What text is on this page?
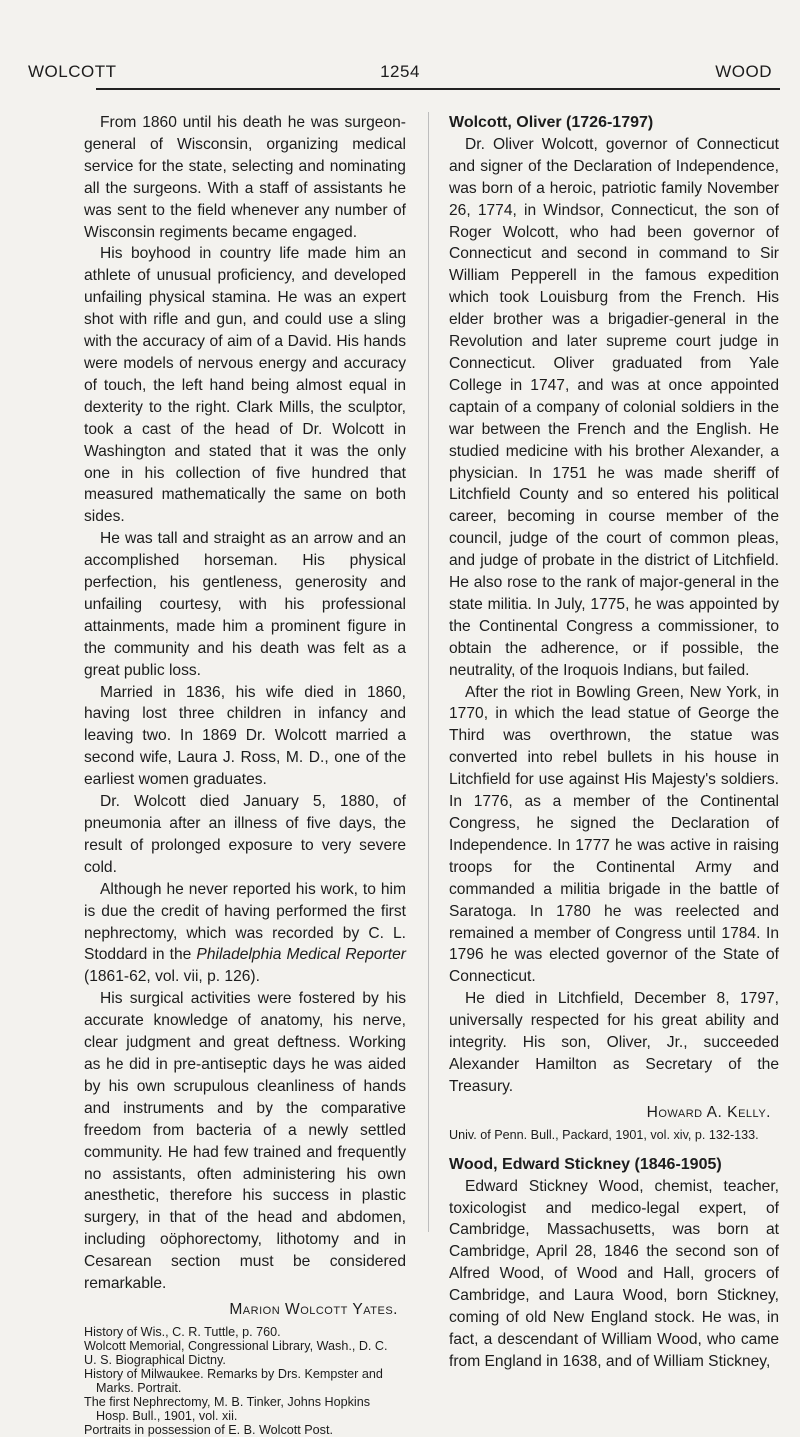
WOLCOTT	1254	WOOD

From 1860 until his death he was surgeon-general of Wisconsin, organizing medical service for the state, selecting and nominating all the surgeons. With a staff of assistants he was sent to the field whenever any number of Wisconsin regiments became engaged.

His boyhood in country life made him an athlete of unusual proficiency, and developed unfailing physical stamina. He was an expert shot with rifle and gun, and could use a sling with the accuracy of aim of a David. His hands were models of nervous energy and accuracy of touch, the left hand being almost equal in dexterity to the right. Clark Mills, the sculptor, took a cast of the head of Dr. Wolcott in Washington and stated that it was the only one in his collection of five hundred that measured mathematically the same on both sides.

He was tall and straight as an arrow and an accomplished horseman. His physical perfection, his gentleness, generosity and unfailing courtesy, with his professional attainments, made him a prominent figure in the community and his death was felt as a great public loss.

Married in 1836, his wife died in 1860, having lost three children in infancy and leaving two. In 1869 Dr. Wolcott married a second wife, Laura J. Ross, M. D., one of the earliest women graduates.

Dr. Wolcott died January 5, 1880, of pneumonia after an illness of five days, the result of prolonged exposure to very severe cold.

Although he never reported his work, to him is due the credit of having performed the first nephrectomy, which was recorded by C. L. Stoddard in the Philadelphia Medical Reporter (1861-62, vol. vii, p. 126).

His surgical activities were fostered by his accurate knowledge of anatomy, his nerve, clear judgment and great deftness. Working as he did in pre-antiseptic days he was aided by his own scrupulous cleanliness of hands and instruments and by the comparative freedom from bacteria of a newly settled community. He had few trained and frequently no assistants, often administering his own anesthetic, therefore his success in plastic surgery, in that of the head and abdomen, including oöphorectomy, lithotomy and in Cesarean section must be considered remarkable.

Marion Wolcott Yates.
History of Wis., C. R. Tuttle, p. 760.
Wolcott Memorial, Congressional Library, Wash., D. C.
U. S. Biographical Dictny.
History of Milwaukee. Remarks by Drs. Kempster and Marks. Portrait.
The first Nephrectomy, M. B. Tinker, Johns Hopkins Hosp. Bull., 1901, vol. xii.
Portraits in possession of E. B. Wolcott Post.
Wolcott, Oliver (1726-1797)

Dr. Oliver Wolcott, governor of Connecticut and signer of the Declaration of Independence, was born of a heroic, patriotic family November 26, 1774, in Windsor, Connecticut, the son of Roger Wolcott, who had been governor of Connecticut and second in command to Sir William Pepperell in the famous expedition which took Louisburg from the French. His elder brother was a brigadier-general in the Revolution and later supreme court judge in Connecticut. Oliver graduated from Yale College in 1747, and was at once appointed captain of a company of colonial soldiers in the war between the French and the English. He studied medicine with his brother Alexander, a physician. In 1751 he was made sheriff of Litchfield County and so entered his political career, becoming in course member of the council, judge of the court of common pleas, and judge of probate in the district of Litchfield. He also rose to the rank of major-general in the state militia. In July, 1775, he was appointed by the Continental Congress a commissioner, to obtain the adherence, or if possible, the neutrality, of the Iroquois Indians, but failed.

After the riot in Bowling Green, New York, in 1770, in which the lead statue of George the Third was overthrown, the statue was converted into rebel bullets in his house in Litchfield for use against His Majesty's soldiers. In 1776, as a member of the Continental Congress, he signed the Declaration of Independence. In 1777 he was active in raising troops for the Continental Army and commanded a militia brigade in the battle of Saratoga. In 1780 he was reelected and remained a member of Congress until 1784. In 1796 he was elected governor of the State of Connecticut.

He died in Litchfield, December 8, 1797, universally respected for his great ability and integrity. His son, Oliver, Jr., succeeded Alexander Hamilton as Secretary of the Treasury.

Howard A. Kelly.
Univ. of Penn. Bull., Packard, 1901, vol. xiv, p. 132-133.
Wood, Edward Stickney (1846-1905)

Edward Stickney Wood, chemist, teacher, toxicologist and medico-legal expert, of Cambridge, Massachusetts, was born at Cambridge, April 28, 1846 the second son of Alfred Wood, of Wood and Hall, grocers of Cambridge, and Laura Wood, born Stickney, coming of old New England stock. He was, in fact, a descendant of William Wood, who came from England in 1638, and of William Stickney,
